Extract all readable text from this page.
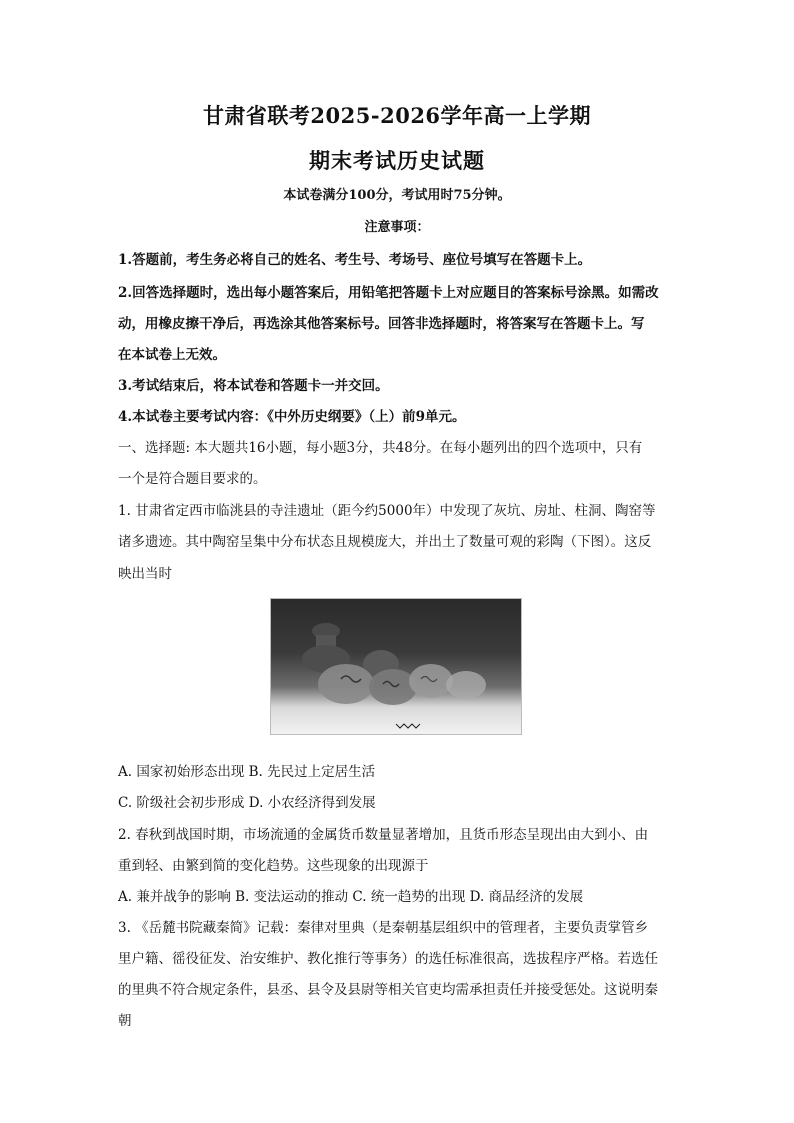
甘肃省联考2025-2026学年高一上学期
期末考试历史试题
本试卷满分100分，考试用时75分钟。
注意事项：
1.答题前，考生务必将自己的姓名、考生号、考场号、座位号填写在答题卡上。
2.回答选择题时，选出每小题答案后，用铅笔把答题卡上对应题目的答案标号涂黑。如需改
动，用橡皮擦干净后，再选涂其他答案标号。回答非选择题时，将答案写在答题卡上。写
在本试卷上无效。
3.考试结束后，将本试卷和答题卡一并交回。
4.本试卷主要考试内容：《中外历史纲要》（上）前9单元。
一、选择题: 本大题共16小题，每小题3分，共48分。在每小题列出的四个选项中，只有
一个是符合题目要求的。
1. 甘肃省定西市临洮县的寺洼遗址（距今约5000年）中发现了灰坑、房址、柱洞、陶窑等
诸多遗迹。其中陶窑呈集中分布状态且规模庞大，并出土了数量可观的彩陶（下图）。这反
映出当时
A. 国家初始形态出现 B. 先民过上定居生活
C. 阶级社会初步形成 D. 小农经济得到发展
2. 春秋到战国时期，市场流通的金属货币数量显著增加，且货币形态呈现出由大到小、由
重到轻、由繁到简的变化趋势。这些现象的出现源于
A. 兼并战争的影响 B. 变法运动的推动 C. 统一趋势的出现 D. 商品经济的发展
3. 《岳麓书院藏秦简》记载：秦律对里典（是秦朝基层组织中的管理者，主要负责掌管乡
里户籍、徭役征发、治安维护、教化推行等事务）的选任标准很高，选拔程序严格。若选任
的里典不符合规定条件，县丞、县令及县尉等相关官吏均需承担责任并接受惩处。这说明秦
朝
